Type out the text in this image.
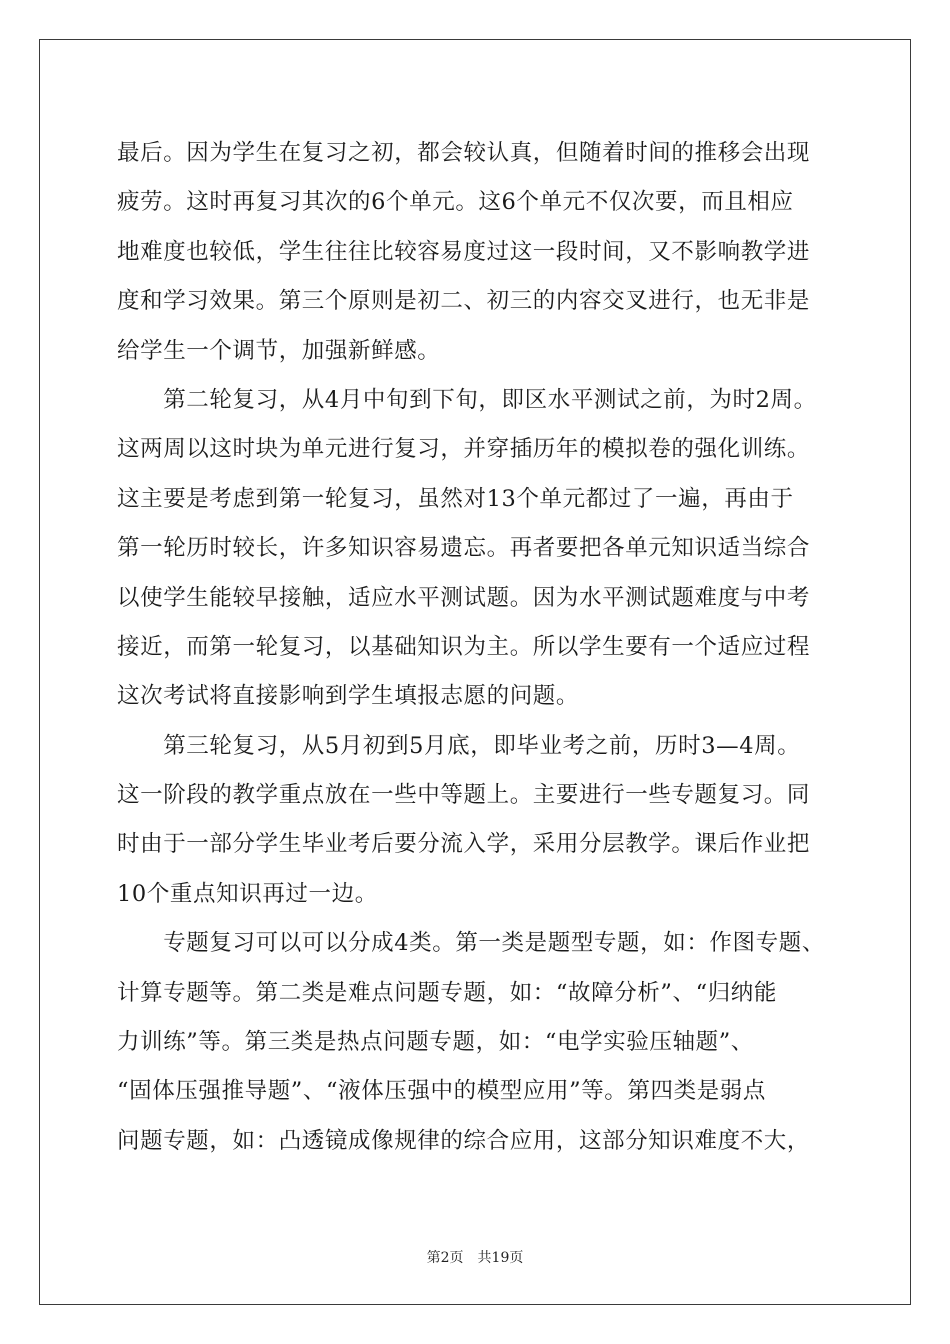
最后。因为学生在复习之初，都会较认真，但随着时间的推移会出现
疲劳。这时再复习其次的6个单元。这6个单元不仅次要，而且相应
地难度也较低，学生往往比较容易度过这一段时间，又不影响教学进
度和学习效果。第三个原则是初二、初三的内容交叉进行，也无非是
给学生一个调节，加强新鲜感。
　　第二轮复习，从4月中旬到下旬，即区水平测试之前，为时2周。
这两周以这时块为单元进行复习，并穿插历年的模拟卷的强化训练。
这主要是考虑到第一轮复习，虽然对13个单元都过了一遍，再由于
第一轮历时较长，许多知识容易遗忘。再者要把各单元知识适当综合
以使学生能较早接触，适应水平测试题。因为水平测试题难度与中考
接近，而第一轮复习，以基础知识为主。所以学生要有一个适应过程
这次考试将直接影响到学生填报志愿的问题。
　　第三轮复习，从5月初到5月底，即毕业考之前，历时3—4周。
这一阶段的教学重点放在一些中等题上。主要进行一些专题复习。同
时由于一部分学生毕业考后要分流入学，采用分层教学。课后作业把
10个重点知识再过一边。
　　专题复习可以可以分成4类。第一类是题型专题，如：作图专题、
计算专题等。第二类是难点问题专题，如：“故障分析”、“归纳能
力训练”等。第三类是热点问题专题，如：“电学实验压轴题”、
“固体压强推导题”、“液体压强中的模型应用”等。第四类是弱点
问题专题，如：凸透镜成像规律的综合应用，这部分知识难度不大，
第2页 共19页
